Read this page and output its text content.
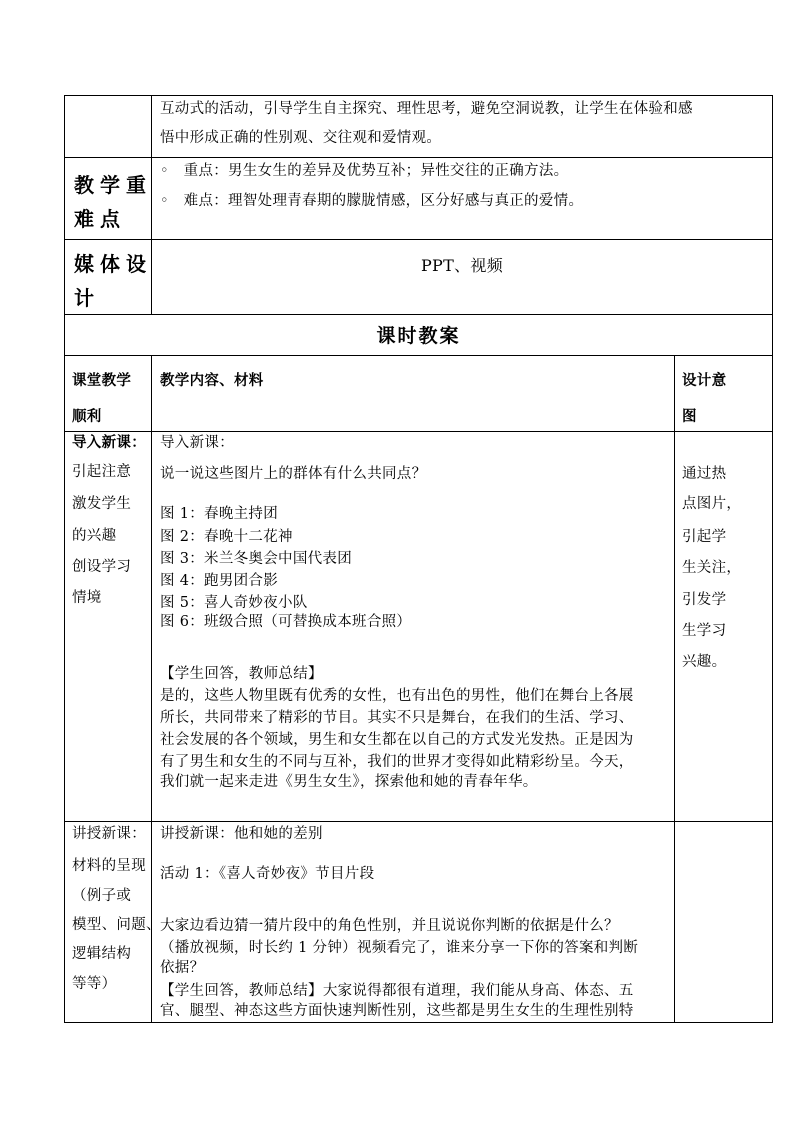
互动式的活动，引导学生自主探究、理性思考，避免空洞说教，让学生在体验和感
悟中形成正确的性别观、交往观和爱情观。
教学重
难点
◦　重点：男生女生的差异及优势互补；异性交往的正确方法。
◦　难点：理智处理青春期的朦胧情感，区分好感与真正的爱情。
媒体设
计
PPT、视频
课时教案
课堂教学
顺利
教学内容、材料	设计意
图
导入新课：
引起注意
激发学生
的兴趣
创设学习
情境
导入新课：
说一说这些图片上的群体有什么共同点？
图 1：春晚主持团
图 2：春晚十二花神
图 3：米兰冬奥会中国代表团
图 4：跑男团合影
图 5：喜人奇妙夜小队
图 6：班级合照（可替换成本班合照）
【学生回答，教师总结】
是的，这些人物里既有优秀的女性，也有出色的男性，他们在舞台上各展
所长，共同带来了精彩的节目。其实不只是舞台，在我们的生活、学习、
社会发展的各个领域，男生和女生都在以自己的方式发光发热。正是因为
有了男生和女生的不同与互补，我们的世界才变得如此精彩纷呈。今天，
我们就一起来走进《男生女生》，探索他和她的青春年华。
通过热
点图片，
引起学
生关注，
引发学
生学习
兴趣。
讲授新课：
材料的呈现
（例子或
模型、问题、
逻辑结构
等等）
讲授新课：他和她的差别
活动 1：《喜人奇妙夜》节目片段
大家边看边猜一猜片段中的角色性别，并且说说你判断的依据是什么？
（播放视频，时长约 1 分钟）视频看完了，谁来分享一下你的答案和判断
依据？
【学生回答，教师总结】大家说得都很有道理，我们能从身高、体态、五
官、腿型、神态这些方面快速判断性别，这些都是男生女生的生理性别特
